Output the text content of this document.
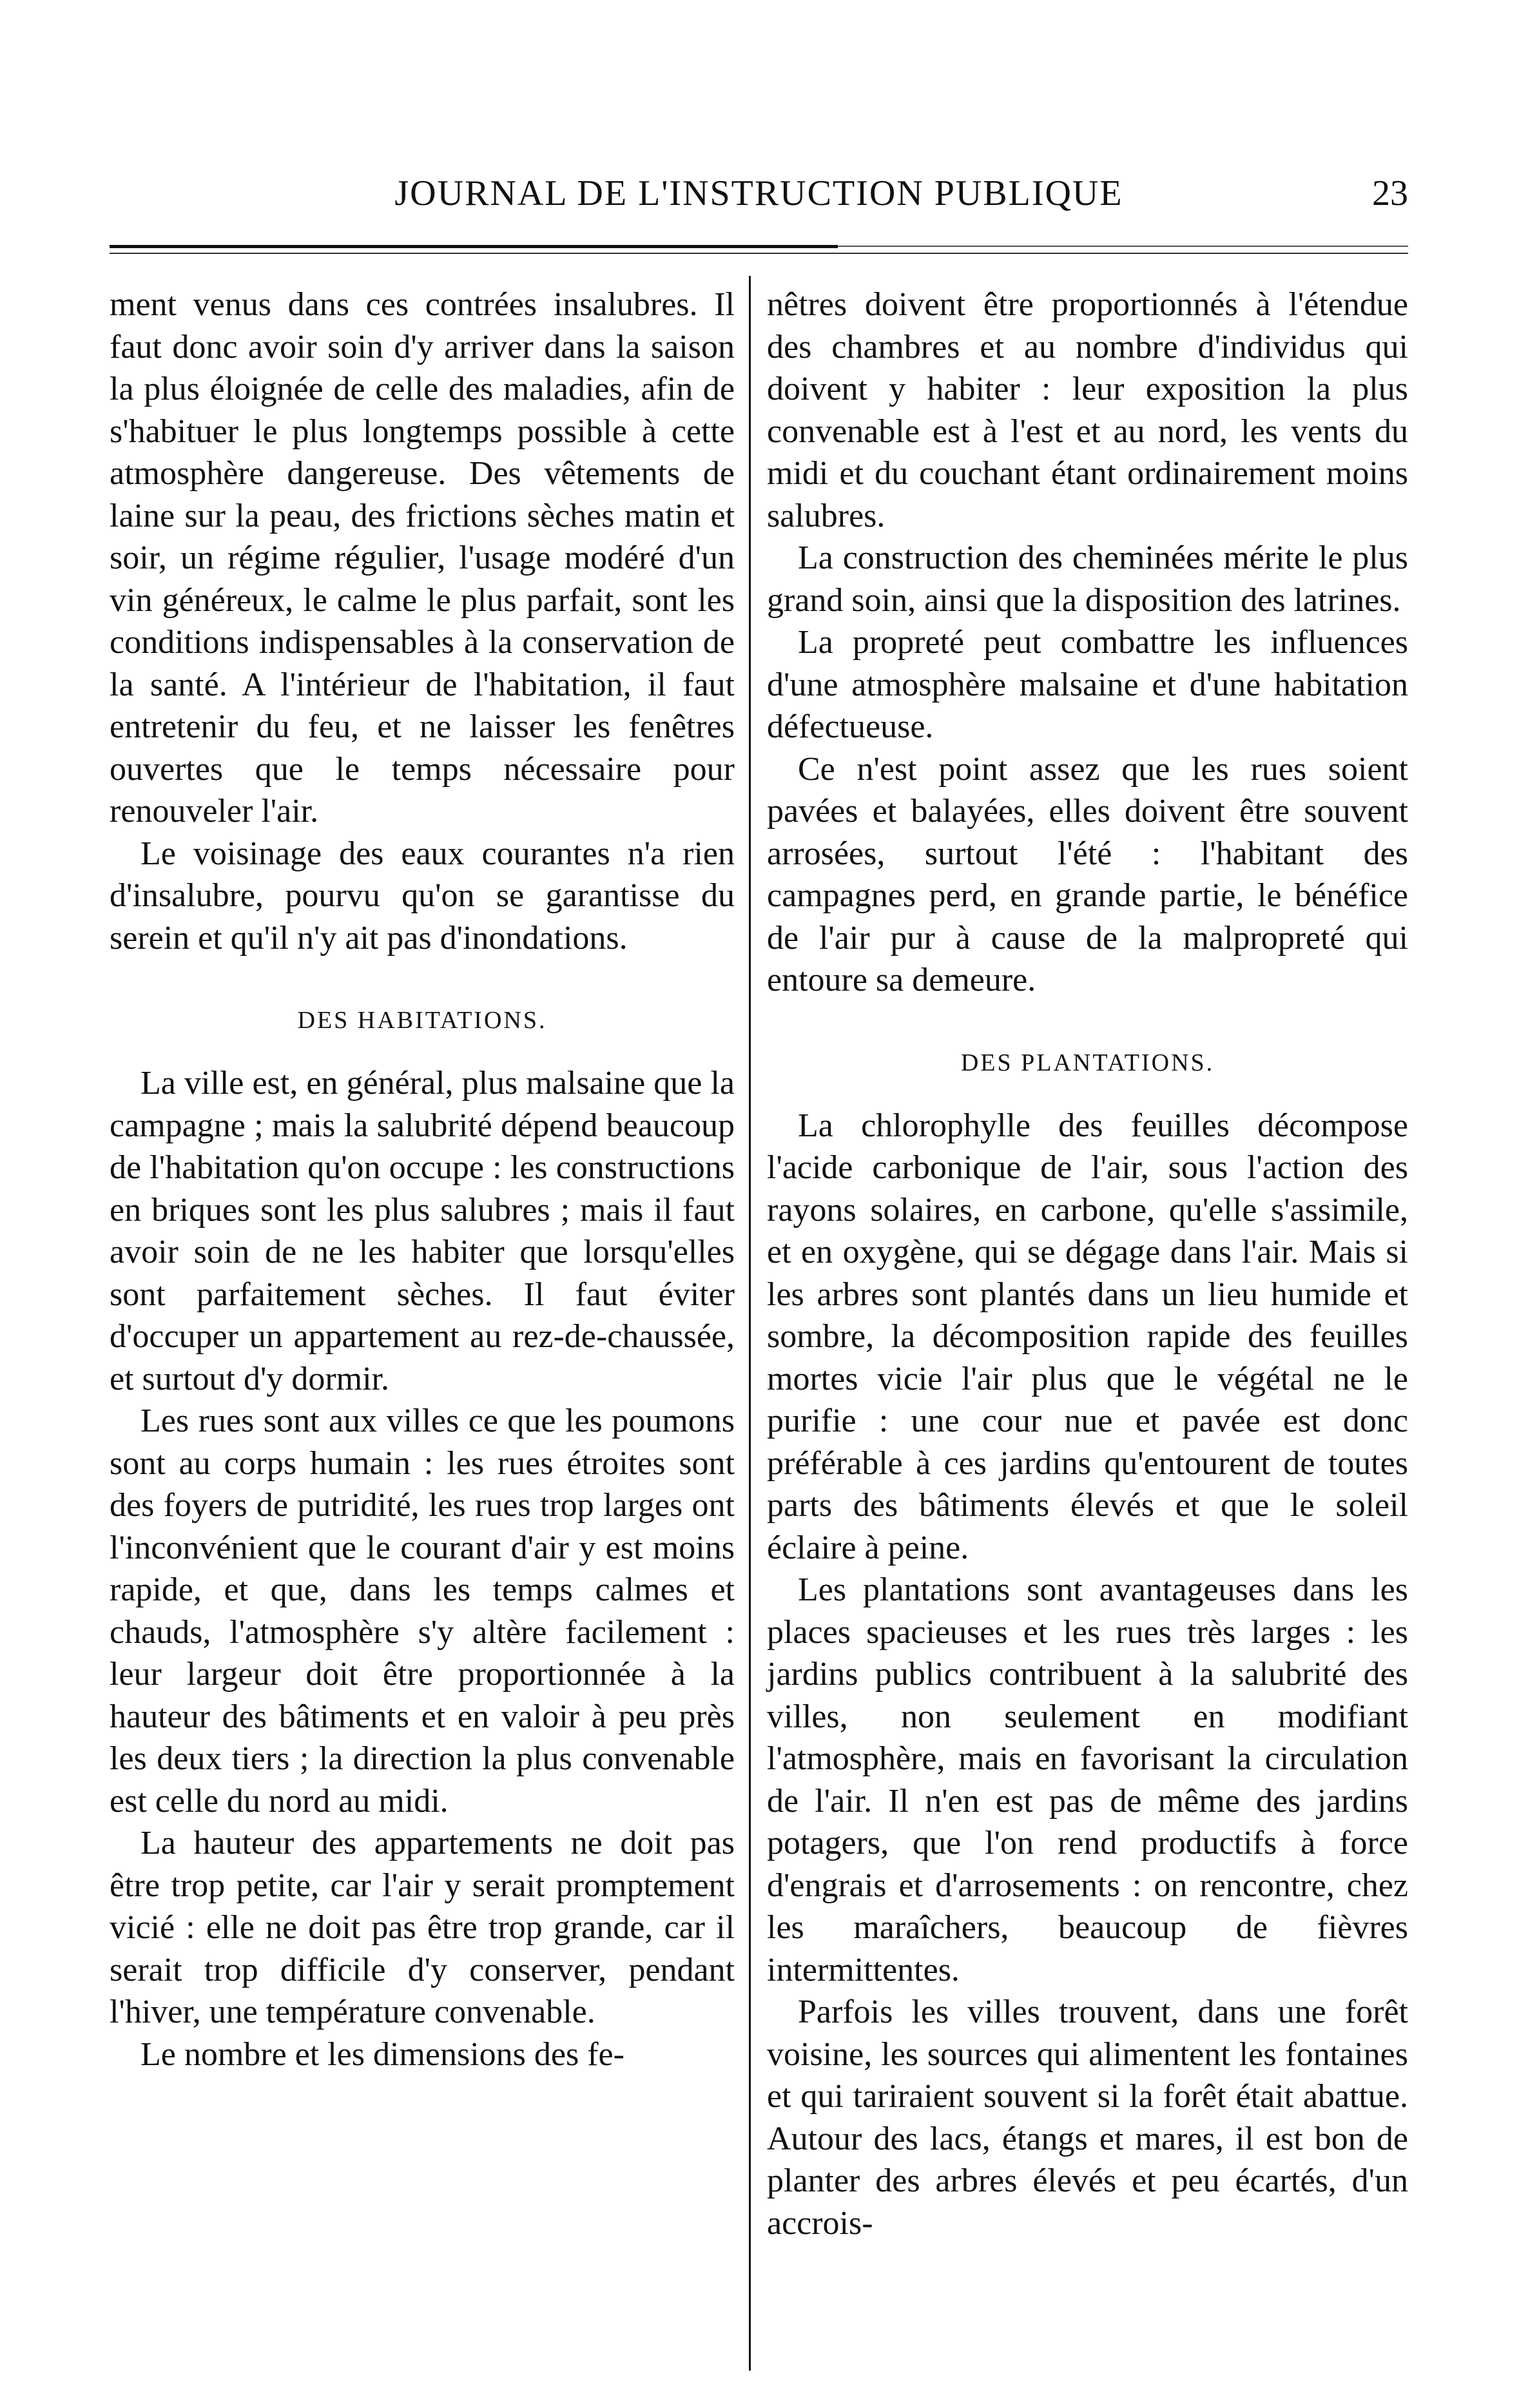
JOURNAL DE L'INSTRUCTION PUBLIQUE	23

ment venus dans ces contrées insalubres. Il faut donc avoir soin d'y arriver dans la saison la plus éloignée de celle des maladies, afin de s'habituer le plus longtemps possible à cette atmosphère dangereuse. Des vêtements de laine sur la peau, des frictions sèches matin et soir, un régime régulier, l'usage modéré d'un vin généreux, le calme le plus parfait, sont les conditions indispensables à la conservation de la santé. A l'intérieur de l'habitation, il faut entretenir du feu, et ne laisser les fenêtres ouvertes que le temps nécessaire pour renouveler l'air.

Le voisinage des eaux courantes n'a rien d'insalubre, pourvu qu'on se garantisse du serein et qu'il n'y ait pas d'inondations.

DES HABITATIONS.

La ville est, en général, plus malsaine que la campagne ; mais la salubrité dépend beaucoup de l'habitation qu'on occupe : les constructions en briques sont les plus salubres ; mais il faut avoir soin de ne les habiter que lorsqu'elles sont parfaitement sèches. Il faut éviter d'occuper un appartement au rez-de-chaussée, et surtout d'y dormir.

Les rues sont aux villes ce que les poumons sont au corps humain : les rues étroites sont des foyers de putridité, les rues trop larges ont l'inconvénient que le courant d'air y est moins rapide, et que, dans les temps calmes et chauds, l'atmosphère s'y altère facilement : leur largeur doit être proportionnée à la hauteur des bâtiments et en valoir à peu près les deux tiers ; la direction la plus convenable est celle du nord au midi.

La hauteur des appartements ne doit pas être trop petite, car l'air y serait promptement vicié : elle ne doit pas être trop grande, car il serait trop difficile d'y conserver, pendant l'hiver, une température convenable.

Le nombre et les dimensions des fe-

nêtres doivent être proportionnés à l'étendue des chambres et au nombre d'individus qui doivent y habiter : leur exposition la plus convenable est à l'est et au nord, les vents du midi et du couchant étant ordinairement moins salubres.

La construction des cheminées mérite le plus grand soin, ainsi que la disposition des latrines.

La propreté peut combattre les influences d'une atmosphère malsaine et d'une habitation défectueuse.

Ce n'est point assez que les rues soient pavées et balayées, elles doivent être souvent arrosées, surtout l'été : l'habitant des campagnes perd, en grande partie, le bénéfice de l'air pur à cause de la malpropreté qui entoure sa demeure.

DES PLANTATIONS.

La chlorophylle des feuilles décompose l'acide carbonique de l'air, sous l'action des rayons solaires, en carbone, qu'elle s'assimile, et en oxygène, qui se dégage dans l'air. Mais si les arbres sont plantés dans un lieu humide et sombre, la décomposition rapide des feuilles mortes vicie l'air plus que le végétal ne le purifie : une cour nue et pavée est donc préférable à ces jardins qu'entourent de toutes parts des bâtiments élevés et que le soleil éclaire à peine.

Les plantations sont avantageuses dans les places spacieuses et les rues très larges : les jardins publics contribuent à la salubrité des villes, non seulement en modifiant l'atmosphère, mais en favorisant la circulation de l'air. Il n'en est pas de même des jardins potagers, que l'on rend productifs à force d'engrais et d'arrosements : on rencontre, chez les maraîchers, beaucoup de fièvres intermittentes.

Parfois les villes trouvent, dans une forêt voisine, les sources qui alimentent les fontaines et qui tariraient souvent si la forêt était abattue. Autour des lacs, étangs et mares, il est bon de planter des arbres élevés et peu écartés, d'un accrois-
